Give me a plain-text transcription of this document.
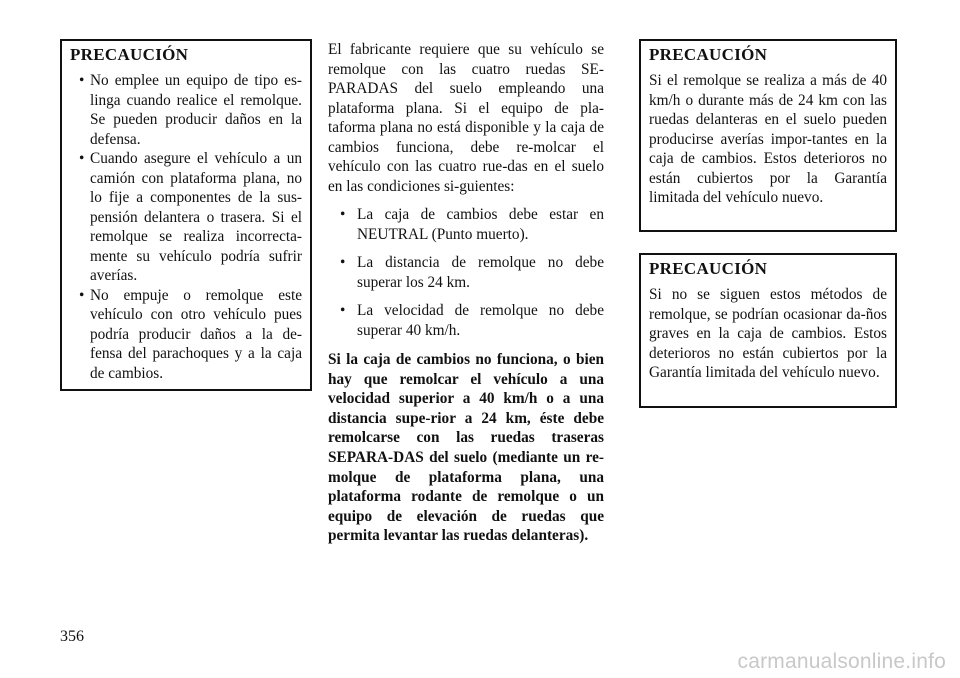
PRECAUCIÓN
• No emplee un equipo de tipo es-linga cuando realice el remolque. Se pueden producir daños en la defensa.
• Cuando asegure el vehículo a un camión con plataforma plana, no lo fije a componentes de la sus-pensión delantera o trasera. Si el remolque se realiza incorrecta-mente su vehículo podría sufrir averías.
• No empuje o remolque este vehículo con otro vehículo pues podría producir daños a la de-fensa del parachoques y a la caja de cambios.

El fabricante requiere que su vehículo se remolque con las cuatro ruedas SE-PARADAS del suelo empleando una plataforma plana. Si el equipo de pla-taforma plana no está disponible y la caja de cambios funciona, debe re-molcar el vehículo con las cuatro rue-das en el suelo en las condiciones si-guientes:

• La caja de cambios debe estar en NEUTRAL (Punto muerto).
• La distancia de remolque no debe superar los 24 km.
• La velocidad de remolque no debe superar 40 km/h.

Si la caja de cambios no funciona, o bien hay que remolcar el vehículo a una velocidad superior a 40 km/h o a una distancia supe-rior a 24 km, éste debe remolcarse con las ruedas traseras SEPARA-DAS del suelo (mediante un re-molque de plataforma plana, una plataforma rodante de remolque o un equipo de elevación de ruedas que permita levantar las ruedas delanteras).

PRECAUCIÓN

Si el remolque se realiza a más de 40 km/h o durante más de 24 km con las ruedas delanteras en el suelo pueden producirse averías impor-tantes en la caja de cambios. Estos deterioros no están cubiertos por la Garantía limitada del vehículo nuevo.

PRECAUCIÓN

Si no se siguen estos métodos de remolque, se podrían ocasionar da-ños graves en la caja de cambios. Estos deterioros no están cubiertos por la Garantía limitada del vehículo nuevo.

356
carmanualsonline.info
